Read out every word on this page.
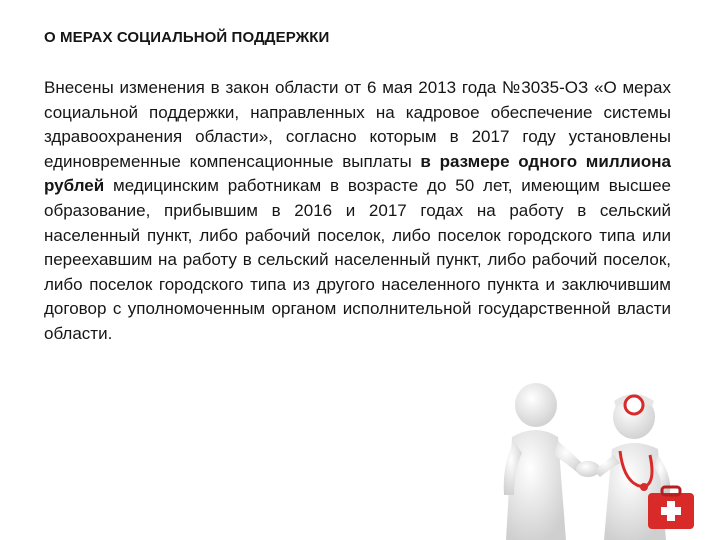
О МЕРАХ СОЦИАЛЬНОЙ ПОДДЕРЖКИ
Внесены изменения в закон области от 6 мая 2013 года №3035-ОЗ «О мерах социальной поддержки, направленных на кадровое обеспечение системы здравоохранения области», согласно которым в 2017 году установлены единовременные компенсационные выплаты в размере одного миллиона рублей медицинским работникам в возрасте до 50 лет, имеющим высшее образование, прибывшим в 2016 и 2017 годах на работу в сельский населенный пункт, либо рабочий поселок, либо поселок городского типа или переехавшим на работу в сельский населенный пункт, либо рабочий поселок, либо поселок городского типа из другого населенного пункта и заключившим договор с уполномоченным органом исполнительной государственной власти области.
